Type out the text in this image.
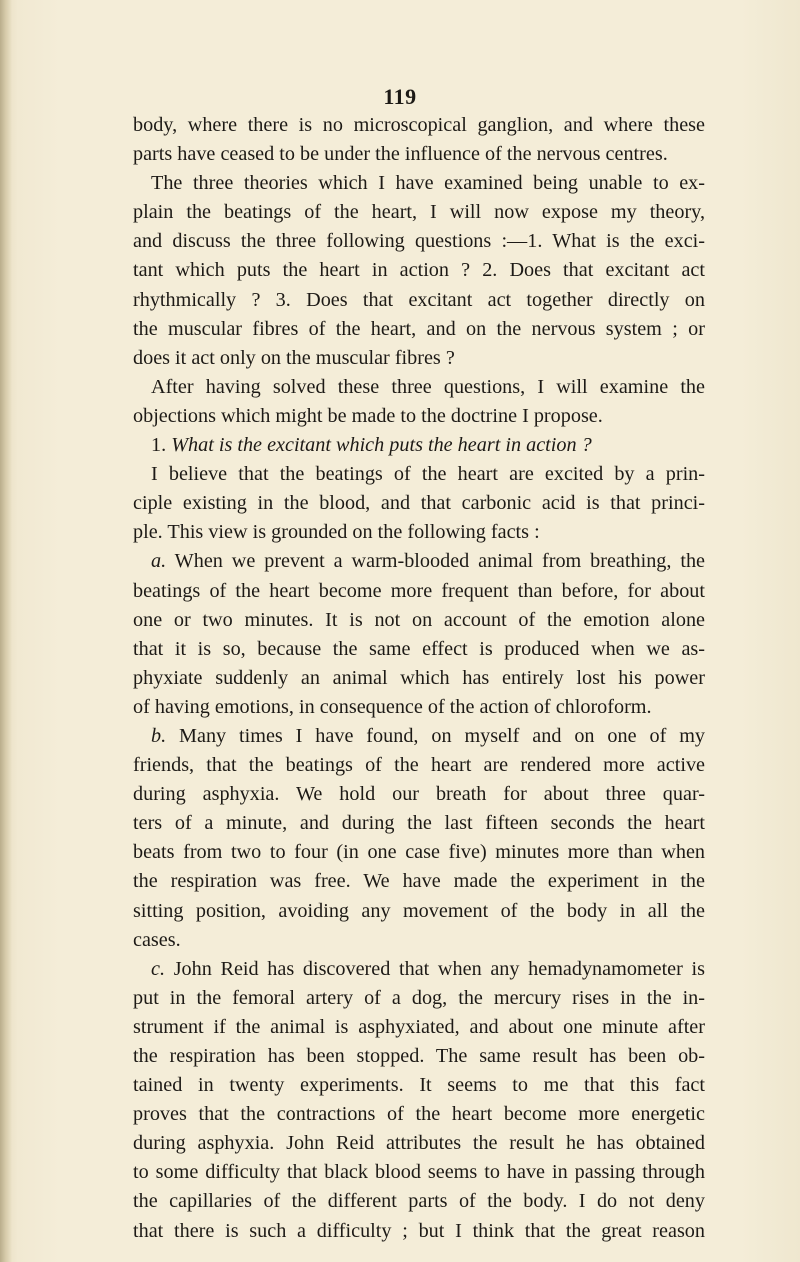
119

body, where there is no microscopical ganglion, and where these

parts have ceased to be under the influence of the nervous centres.

The three theories which I have examined being unable to ex-

plain the beatings of the heart, I will now expose my theory,

and discuss the three following questions :—1. What is the exci-

tant which puts the heart in action ? 2. Does that excitant act

rhythmically ? 3. Does that excitant act together directly on

the muscular fibres of the heart, and on the nervous system ; or

does it act only on the muscular fibres ?

After having solved these three questions, I will examine the

objections which might be made to the doctrine I propose.

1. What is the excitant which puts the heart in action ?

I believe that the beatings of the heart are excited by a prin-

ciple existing in the blood, and that carbonic acid is that princi-

ple. This view is grounded on the following facts :

a. When we prevent a warm-blooded animal from breathing, the

beatings of the heart become more frequent than before, for about

one or two minutes. It is not on account of the emotion alone

that it is so, because the same effect is produced when we as-

phyxiate suddenly an animal which has entirely lost his power

of having emotions, in consequence of the action of chloroform.

b. Many times I have found, on myself and on one of my

friends, that the beatings of the heart are rendered more active

during asphyxia. We hold our breath for about three quar-

ters of a minute, and during the last fifteen seconds the heart

beats from two to four (in one case five) minutes more than when

the respiration was free. We have made the experiment in the

sitting position, avoiding any movement of the body in all the

cases.

c. John Reid has discovered that when any hemadynamometer is

put in the femoral artery of a dog, the mercury rises in the in-

strument if the animal is asphyxiated, and about one minute after

the respiration has been stopped. The same result has been ob-

tained in twenty experiments. It seems to me that this fact

proves that the contractions of the heart become more energetic

during asphyxia. John Reid attributes the result he has obtained

to some difficulty that black blood seems to have in passing through

the capillaries of the different parts of the body. I do not deny

that there is such a difficulty ; but I think that the great reason
